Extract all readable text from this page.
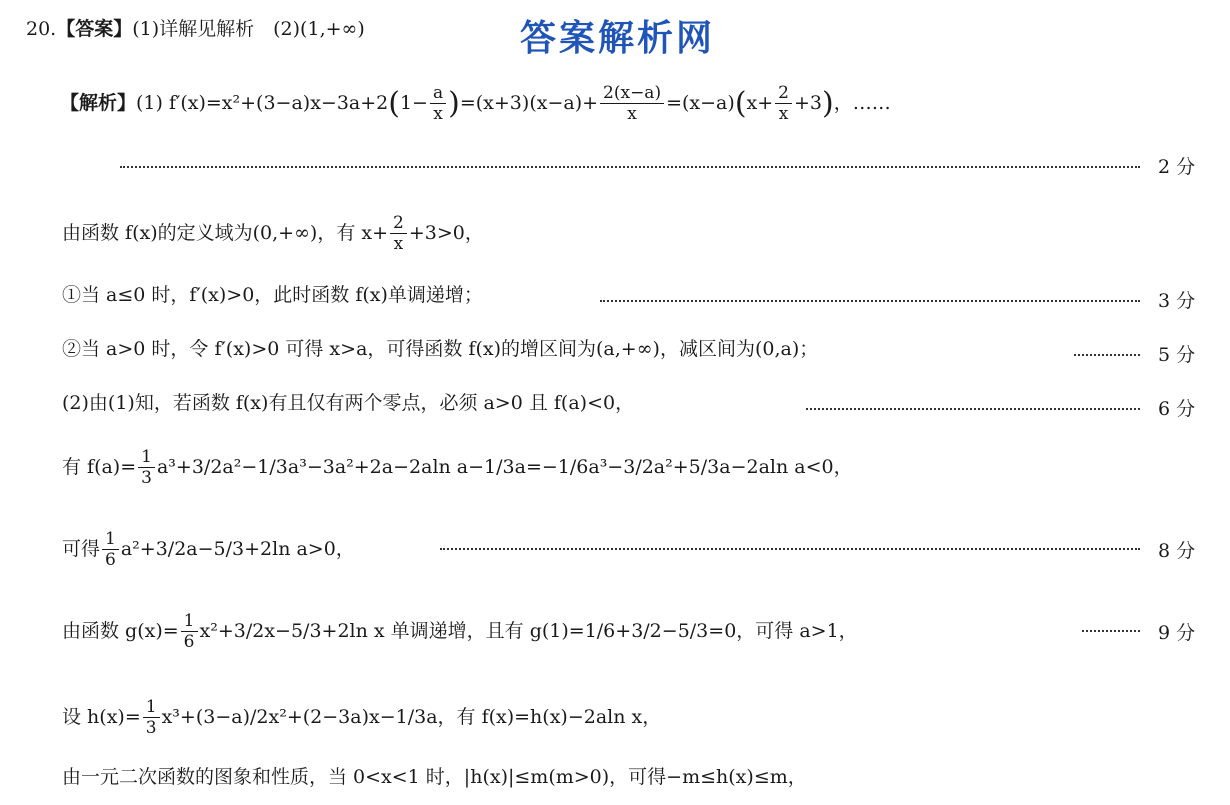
答案解析网
20.【答案】(1)详解见解析　(2)(1,+∞)
【解析】(1) $f'(x)=x^2+(3-a)x-3a+2(1- \frac{a}{x} )=(x+3)(x-a)+ \frac{2(x-a)}{x} =(x-a)(x+ \frac{2}{x} +3)$，……
2 分
由函数 f(x)的定义域为(0,+∞)，有 $x+ \frac{2}{x} +3>0$，
①当 a≤0 时，f′(x)>0，此时函数 f(x)单调递增；	3 分
②当 a>0 时，令 f′(x)>0 可得 x>a，可得函数 f(x)的增区间为(a,+∞)，减区间为(0,a)；	5 分
(2)由(1)知，若函数 f(x)有且仅有两个零点，必须 a>0 且 f(a)<0，	6 分
有 $f(a)= \frac{1}{3} a^3+3/2a^2-1/3a^3-3a^2+2a-2aln$ a−1/3a=−1/6a³−3/2a²+5/3a−2aln a<0，
可得 $\frac{1}{6} a^2+3/2a-5/3+2\ln$ a>0，	8 分
由函数 $g(x)= \frac{1}{6} x^2+3/2x-5/3+2\ln$ x 单调递增，且有 g(1)=1/6+3/2−5/3=0，可得 a>1，	9 分
设 $h(x)= \frac{1}{3} x^3+(3-a)/2x^2+(2-3a)x-1/3a$，有 f(x)=h(x)−2aln x，
由一元二次函数的图象和性质，当 0<x<1 时，|h(x)|≤m(m>0)，可得−m≤h(x)≤m，
